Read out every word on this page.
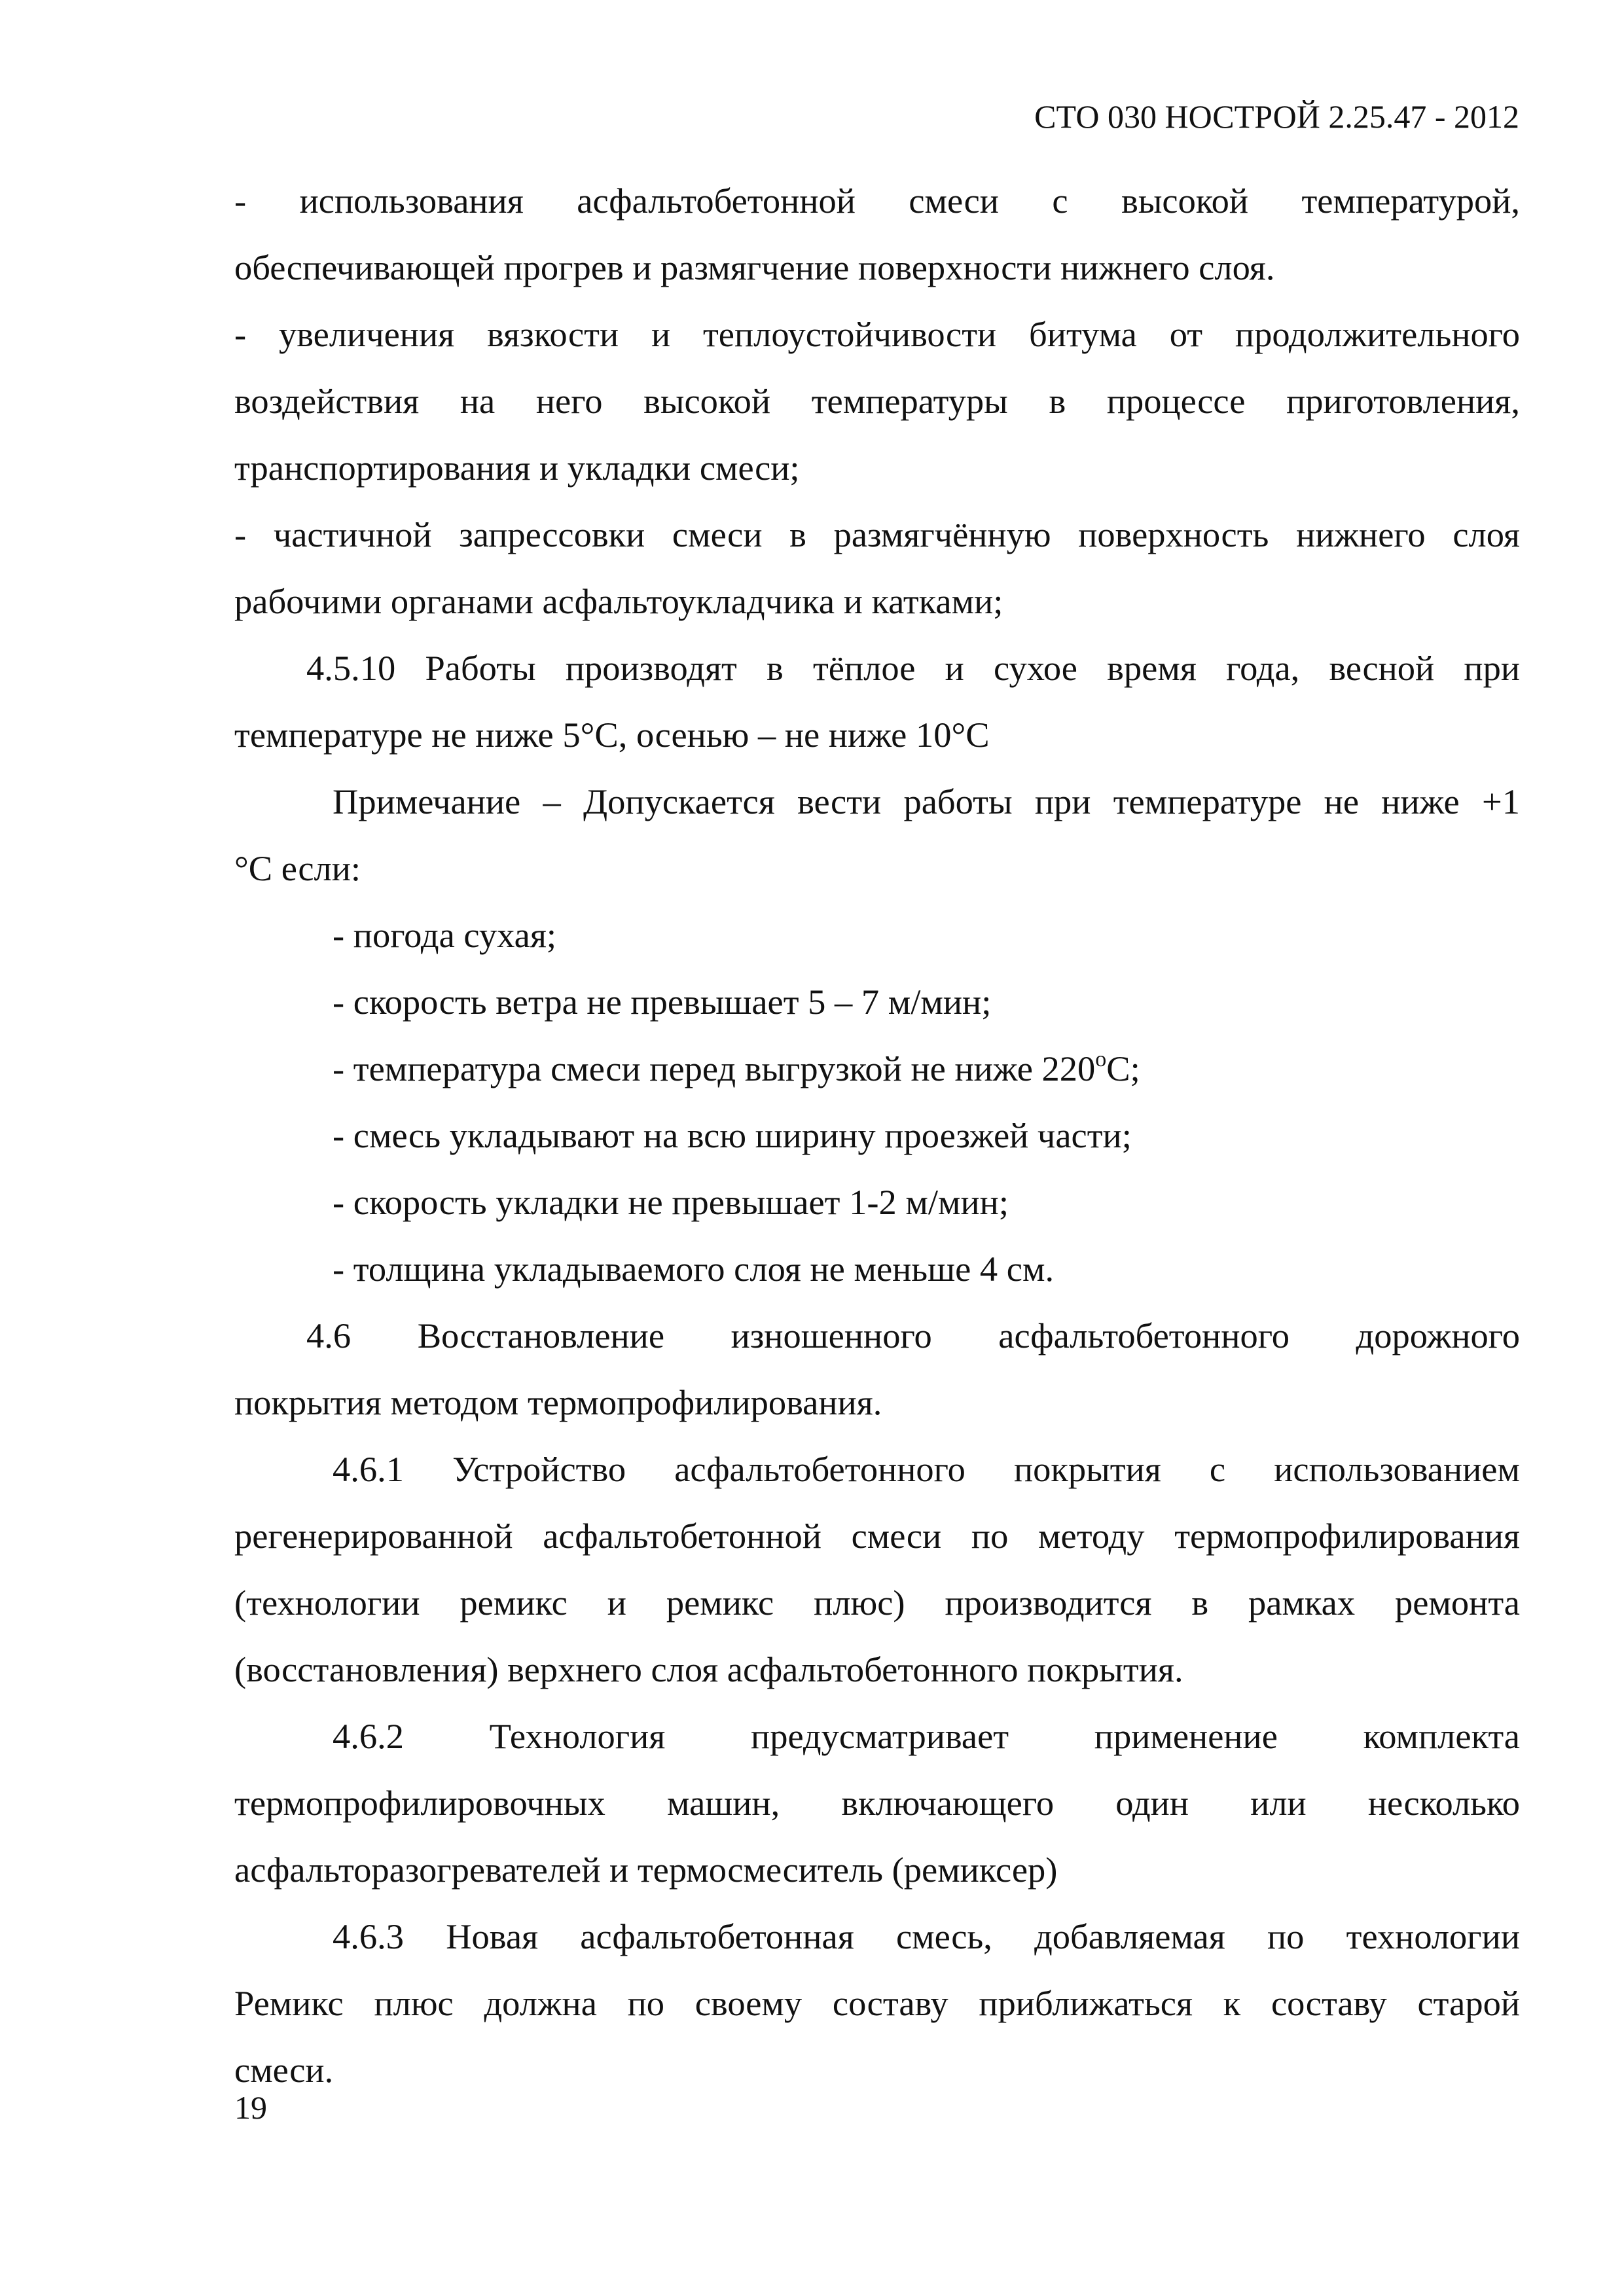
СТО 030 НОСТРОЙ 2.25.47 - 2012

- использования асфальтобетонной смеси с высокой температурой,

обеспечивающей прогрев и размягчение поверхности нижнего слоя.

- увеличения вязкости и теплоустойчивости битума от продолжительного

воздействия на него высокой температуры в процессе приготовления,

транспортирования и укладки смеси;

- частичной запрессовки смеси в размягчённую поверхность нижнего слоя

рабочими органами асфальтоукладчика и катками;

4.5.10 Работы производят в тёплое и сухое время года, весной при

температуре не ниже 5°С, осенью – не ниже 10°С

Примечание – Допускается вести работы при температуре не ниже +1

°С если:

- погода сухая;

- скорость ветра не превышает 5 – 7 м/мин;

- температура смеси перед выгрузкой не ниже $220^оС$;

- смесь укладывают на всю ширину проезжей части;

- скорость укладки не превышает 1-2 м/мин;

- толщина укладываемого слоя не меньше 4 см.

4.6 Восстановление изношенного асфальтобетонного дорожного

покрытия методом термопрофилирования.

4.6.1 Устройство асфальтобетонного покрытия с использованием

регенерированной асфальтобетонной смеси по методу термопрофилирования

(технологии ремикс и ремикс плюс) производится в рамках ремонта

(восстановления) верхнего слоя асфальтобетонного покрытия.

4.6.2 Технология предусматривает применение комплекта

термопрофилировочных машин, включающего один или несколько

асфальторазогревателей и термосмеситель (ремиксер)

4.6.3 Новая асфальтобетонная смесь, добавляемая по технологии

Ремикс плюс должна по своему составу приближаться к составу старой

смеси.

19
